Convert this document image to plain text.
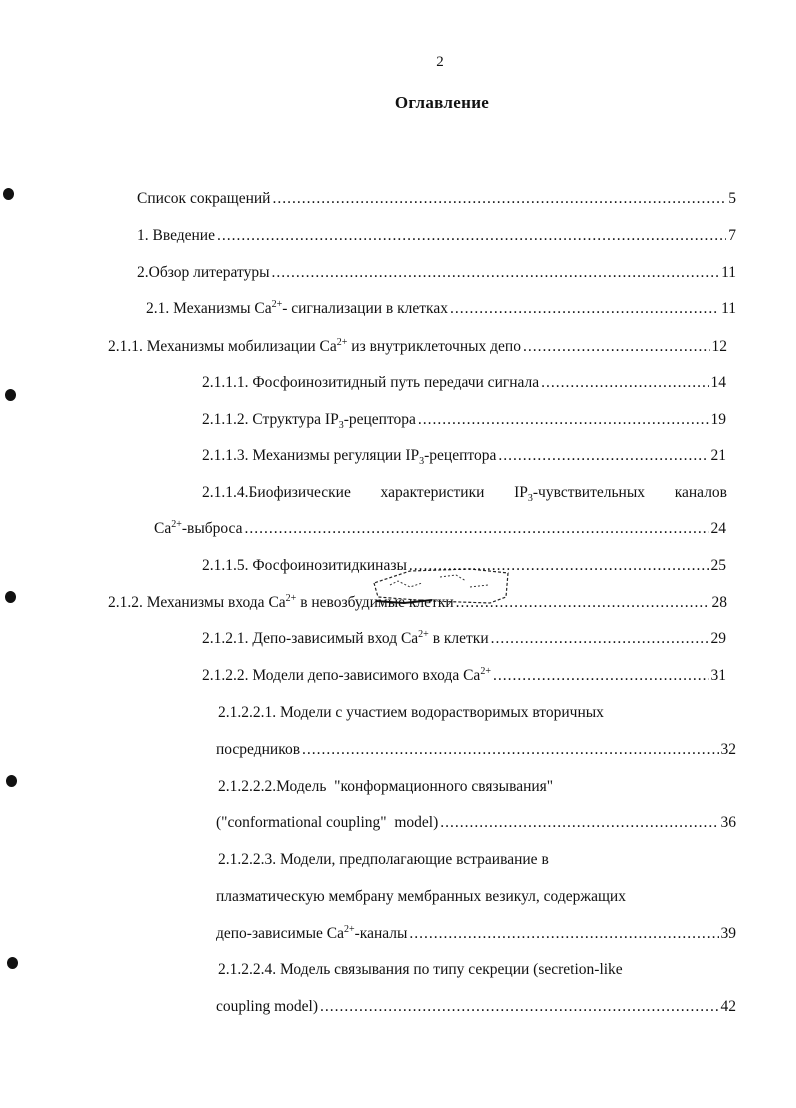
2
Оглавление
Список сокращений .....	5
1. Введение .....	7
2.Обзор литературы .....	11
2.1. Механизмы $Ca^{2+}-$ сигнализации в клетках .....	11
2.1.1. Механизмы мобилизации $Ca^{2+}$ из внутриклеточных депо .....	12
2.1.1.1. Фосфоинозитидный путь передачи сигнала .....	14
2.1.1.2. Структура $IP_3$-рецептора .....	19
2.1.1.3. Механизмы регуляции $IP_3$-рецептора .....	21
2.1.1.4.Биофизические характеристики $IP_3$-чувствительных каналов
$Ca^{2+}$-выброса .....	24
2.1.1.5. Фосфоинозитидкиназы .....	25
2.1.2. Механизмы входа $Ca^{2+}$ в невозбудимые клетки .....	28
2.1.2.1. Депо-зависимый вход $Ca^{2+}$ в клетки .....	29
2.1.2.2. Модели депо-зависимого входа $Ca^{2+}$ .....	31
2.1.2.2.1. Модели с участием водорастворимых вторичных
посредников .....	32
2.1.2.2.2.Модель  "конформационного связывания"
("conformational coupling"  model) .....	36
2.1.2.2.3. Модели, предполагающие встраивание в
плазматическую мембрану мембранных везикул, содержащих
депо-зависимые $Ca^{2+}$-каналы .....	39
2.1.2.2.4. Модель связывания по типу секреции (secretion-like
coupling model) .....	42
